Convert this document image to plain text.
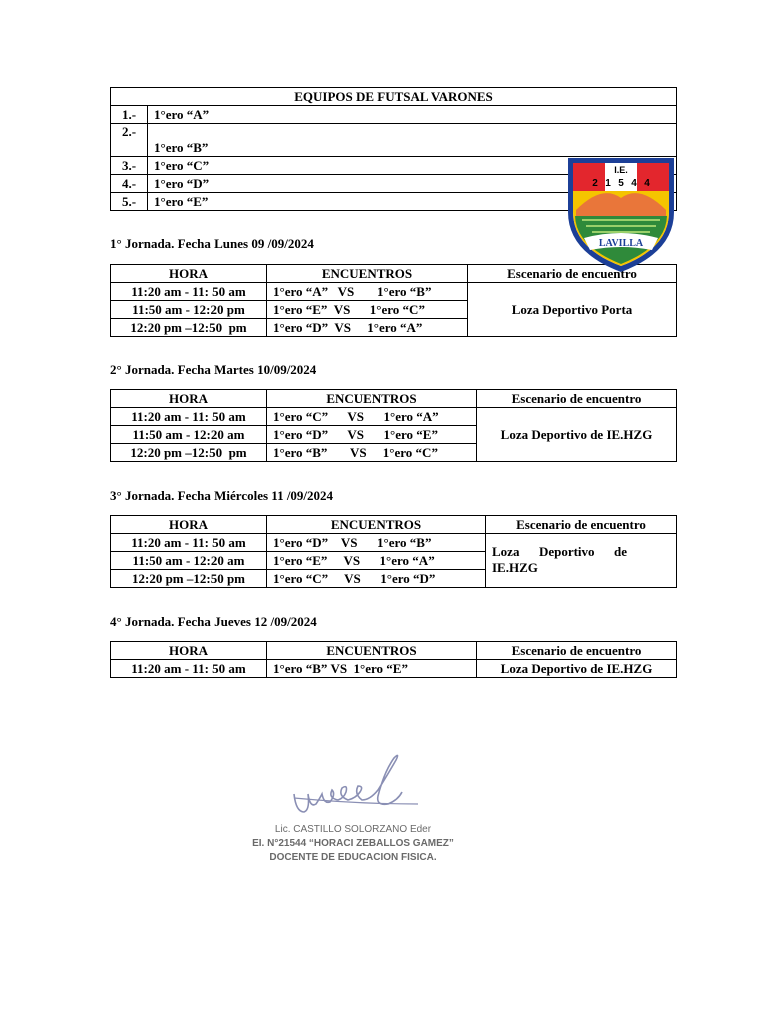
EQUIPOS DE FUTSAL VARONES	
1.-	1°ero “A”
2.-	1°ero “B”
3.-	1°ero “C”
4.-	1°ero “D”
5.-	1°ero “E”
1° Jornada. Fecha Lunes 09 /09/2024
HORA	ENCUENTROS	Escenario de encuentro
11:20 am - 11: 50 am	1°ero “A”   VS       1°ero “B”	Loza Deportivo Porta
11:50 am - 12:20 pm	1°ero “E”  VS      1°ero “C”	
12:20 pm –12:50  pm	1°ero “D”  VS     1°ero “A”	
I.E.
2 1 5 4 4
LAVILLA
2° Jornada. Fecha Martes 10/09/2024
HORA	ENCUENTROS	Escenario de encuentro
11:20 am - 11: 50 am	1°ero “C”      VS      1°ero “A”	Loza Deportivo de IE.HZG
11:50 am - 12:20 am	1°ero “D”      VS      1°ero “E”	
12:20 pm –12:50  pm	1°ero “B”       VS     1°ero “C”	
3° Jornada. Fecha Miércoles 11 /09/2024
HORA	ENCUENTROS	Escenario de encuentro
11:20 am - 11: 50 am	1°ero “D”    VS      1°ero “B”	Loza      Deportivo      de
IE.HZG

11:50 am - 12:20 am	1°ero “E”     VS      1°ero “A”	
12:20 pm –12:50 pm	1°ero “C”     VS      1°ero “D”	
4° Jornada. Fecha Jueves 12 /09/2024
HORA	ENCUENTROS	Escenario de encuentro
11:20 am - 11: 50 am	1°ero “B” VS  1°ero “E”	Loza Deportivo de IE.HZG
Lic. CASTILLO SOLORZANO Eder
EI. N°21544 “HORACI ZEBALLOS GAMEZ”
DOCENTE DE EDUCACION FISICA.
